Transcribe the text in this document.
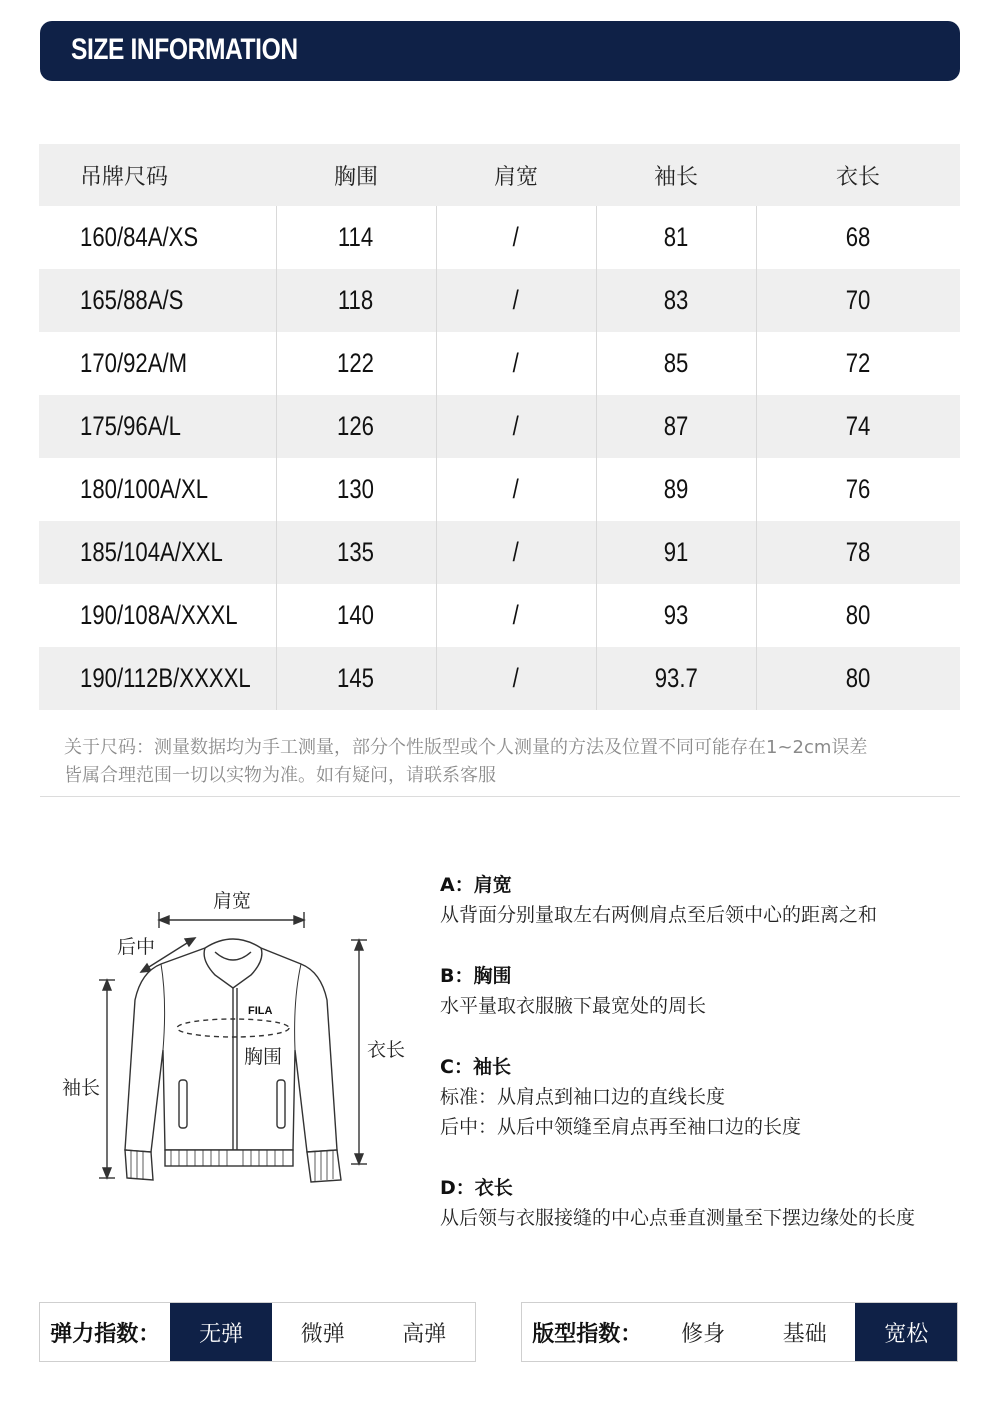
SIZE INFORMATION
吊牌尺码	胸围	肩宽	袖长	衣长
160/84A/XS	114	/	81	68
165/88A/S	118	/	83	70
170/92A/M	122	/	85	72
175/96A/L	126	/	87	74
180/100A/XL	130	/	89	76
185/104A/XXL	135	/	91	78
190/108A/XXXL	140	/	93	80
190/112B/XXXXL	145	/	93.7	80
关于尺码：测量数据均为手工测量，部分个性版型或个人测量的方法及位置不同可能存在1~2cm误差
皆属合理范围一切以实物为准。如有疑问，请联系客服
FILA
肩宽
后中
胸围
袖长
衣长
A：肩宽
从背面分别量取左右两侧肩点至后领中心的距离之和
B：胸围
水平量取衣服腋下最宽处的周长
C：袖长
标准：从肩点到袖口边的直线长度
后中：从后中领缝至肩点再至袖口边的长度
D：衣长
从后领与衣服接缝的中心点垂直测量至下摆边缘处的长度
弹力指数：	无弹	微弹	高弹	版型指数：	修身	基础	宽松
